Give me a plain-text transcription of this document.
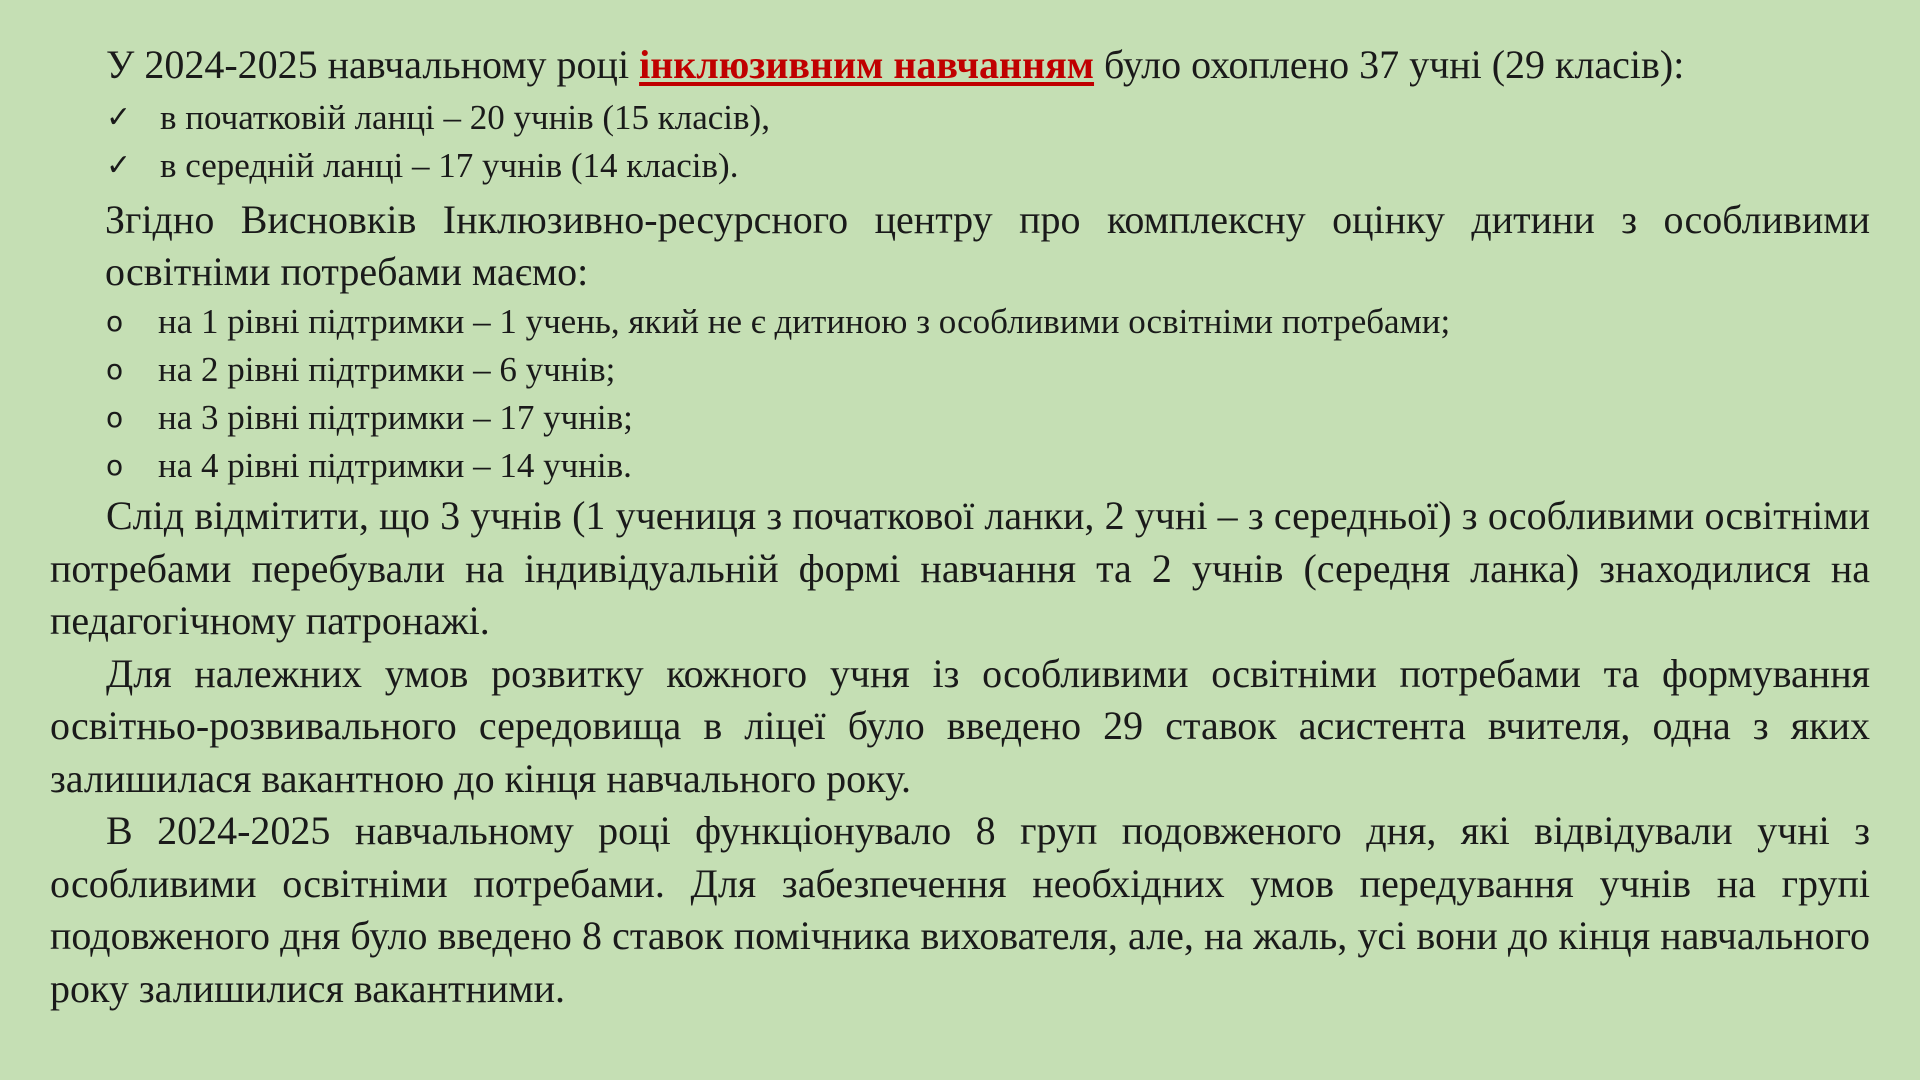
У 2024-2025 навчальному році інклюзивним навчанням було охоплено 37 учні (29 класів):

✓ в початковій ланці – 20 учнів (15 класів),
✓ в середній ланці – 17 учнів (14 класів).

Згідно Висновків Інклюзивно-ресурсного центру про комплексну оцінку дитини з особливими освітніми потребами маємо:

o на 1 рівні підтримки – 1 учень, який не є дитиною з особливими освітніми потребами;
o на 2 рівні підтримки – 6 учнів;
o на 3 рівні підтримки – 17 учнів;
o на 4 рівні підтримки – 14 учнів.

Слід відмітити, що 3 учнів (1 учениця з початкової ланки, 2 учні – з середньої) з особливими освітніми потребами перебували на індивідуальній формі навчання та 2 учнів (середня ланка) знаходилися на педагогічному патронажі.

Для належних умов розвитку кожного учня із особливими освітніми потребами та формування освітньо-розвивального середовища в ліцеї було введено 29 ставок асистента вчителя, одна з яких залишилася вакантною до кінця навчального року.

В 2024-2025 навчальному році функціонувало 8 груп подовженого дня, які відвідували учні з особливими освітніми потребами. Для забезпечення необхідних умов передування учнів на групі подовженого дня було введено 8 ставок помічника вихователя, але, на жаль, усі вони до кінця навчального року залишилися вакантними.
